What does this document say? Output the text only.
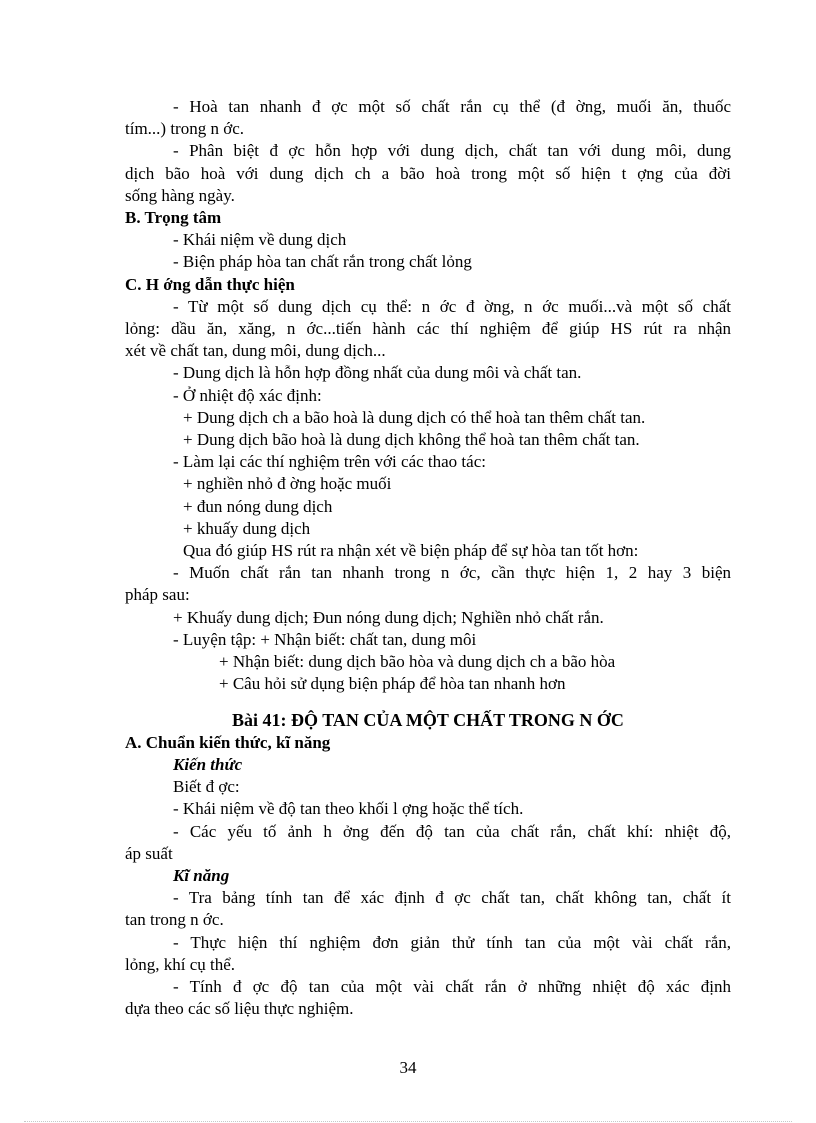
- Hoà tan nhanh đ ợc một số chất rắn cụ thể (đ ờng, muối ăn, thuốc
tím...) trong n ớc.
- Phân biệt đ ợc hỗn hợp với dung dịch, chất tan với dung môi, dung
dịch bão hoà với dung dịch ch a bão hoà trong một số hiện t ợng của đời
sống hàng ngày.
B. Trọng tâm
- Khái niệm về dung dịch
- Biện pháp hòa tan chất rắn trong chất lỏng
C. H ớng dẫn thực hiện
- Từ một số dung dịch cụ thể: n ớc đ ờng, n ớc muối...và một số chất
lỏng: dầu ăn, xăng, n ớc...tiến hành các thí nghiệm để giúp HS rút ra nhận
xét về chất tan, dung môi, dung dịch...
- Dung dịch là hỗn hợp đồng nhất của dung môi và chất tan.
- Ở nhiệt độ xác định:
+ Dung dịch ch a bão hoà là dung dịch có thể hoà tan thêm chất tan.
+ Dung dịch bão hoà là dung dịch không thể hoà tan thêm chất tan.
- Làm lại các thí nghiệm trên với các thao tác:
+ nghiền nhỏ đ ờng hoặc muối
+ đun nóng dung dịch
+ khuấy dung dịch
Qua đó giúp HS rút ra nhận xét về biện pháp để sự hòa tan tốt hơn:
- Muốn chất rắn tan nhanh trong n ớc, cần thực hiện 1, 2 hay 3 biện
pháp sau:
+ Khuấy dung dịch; Đun nóng dung dịch; Nghiền nhỏ chất rắn.
- Luyện tập: + Nhận biết: chất tan, dung môi
+ Nhận biết: dung dịch bão hòa và dung dịch ch a bão hòa
+ Câu hỏi sử dụng biện pháp để hòa tan nhanh hơn
Bài 41: ĐỘ TAN CỦA MỘT CHẤT TRONG N ỚC
A. Chuẩn kiến thức, kĩ năng
Kiến thức
Biết đ ợc:
- Khái niệm về độ tan theo khối l ợng hoặc thể tích.
- Các yếu tố ảnh h ởng đến độ tan của chất rắn, chất khí: nhiệt độ,
áp suất
Kĩ năng
- Tra bảng tính tan để xác định đ ợc chất tan, chất không tan, chất ít
tan trong n ớc.
- Thực hiện thí nghiệm đơn giản thử tính tan của một vài chất rắn,
lỏng, khí cụ thể.
- Tính đ ợc độ tan của một vài chất rắn ở những nhiệt độ xác định
dựa theo các số liệu thực nghiệm.
34
